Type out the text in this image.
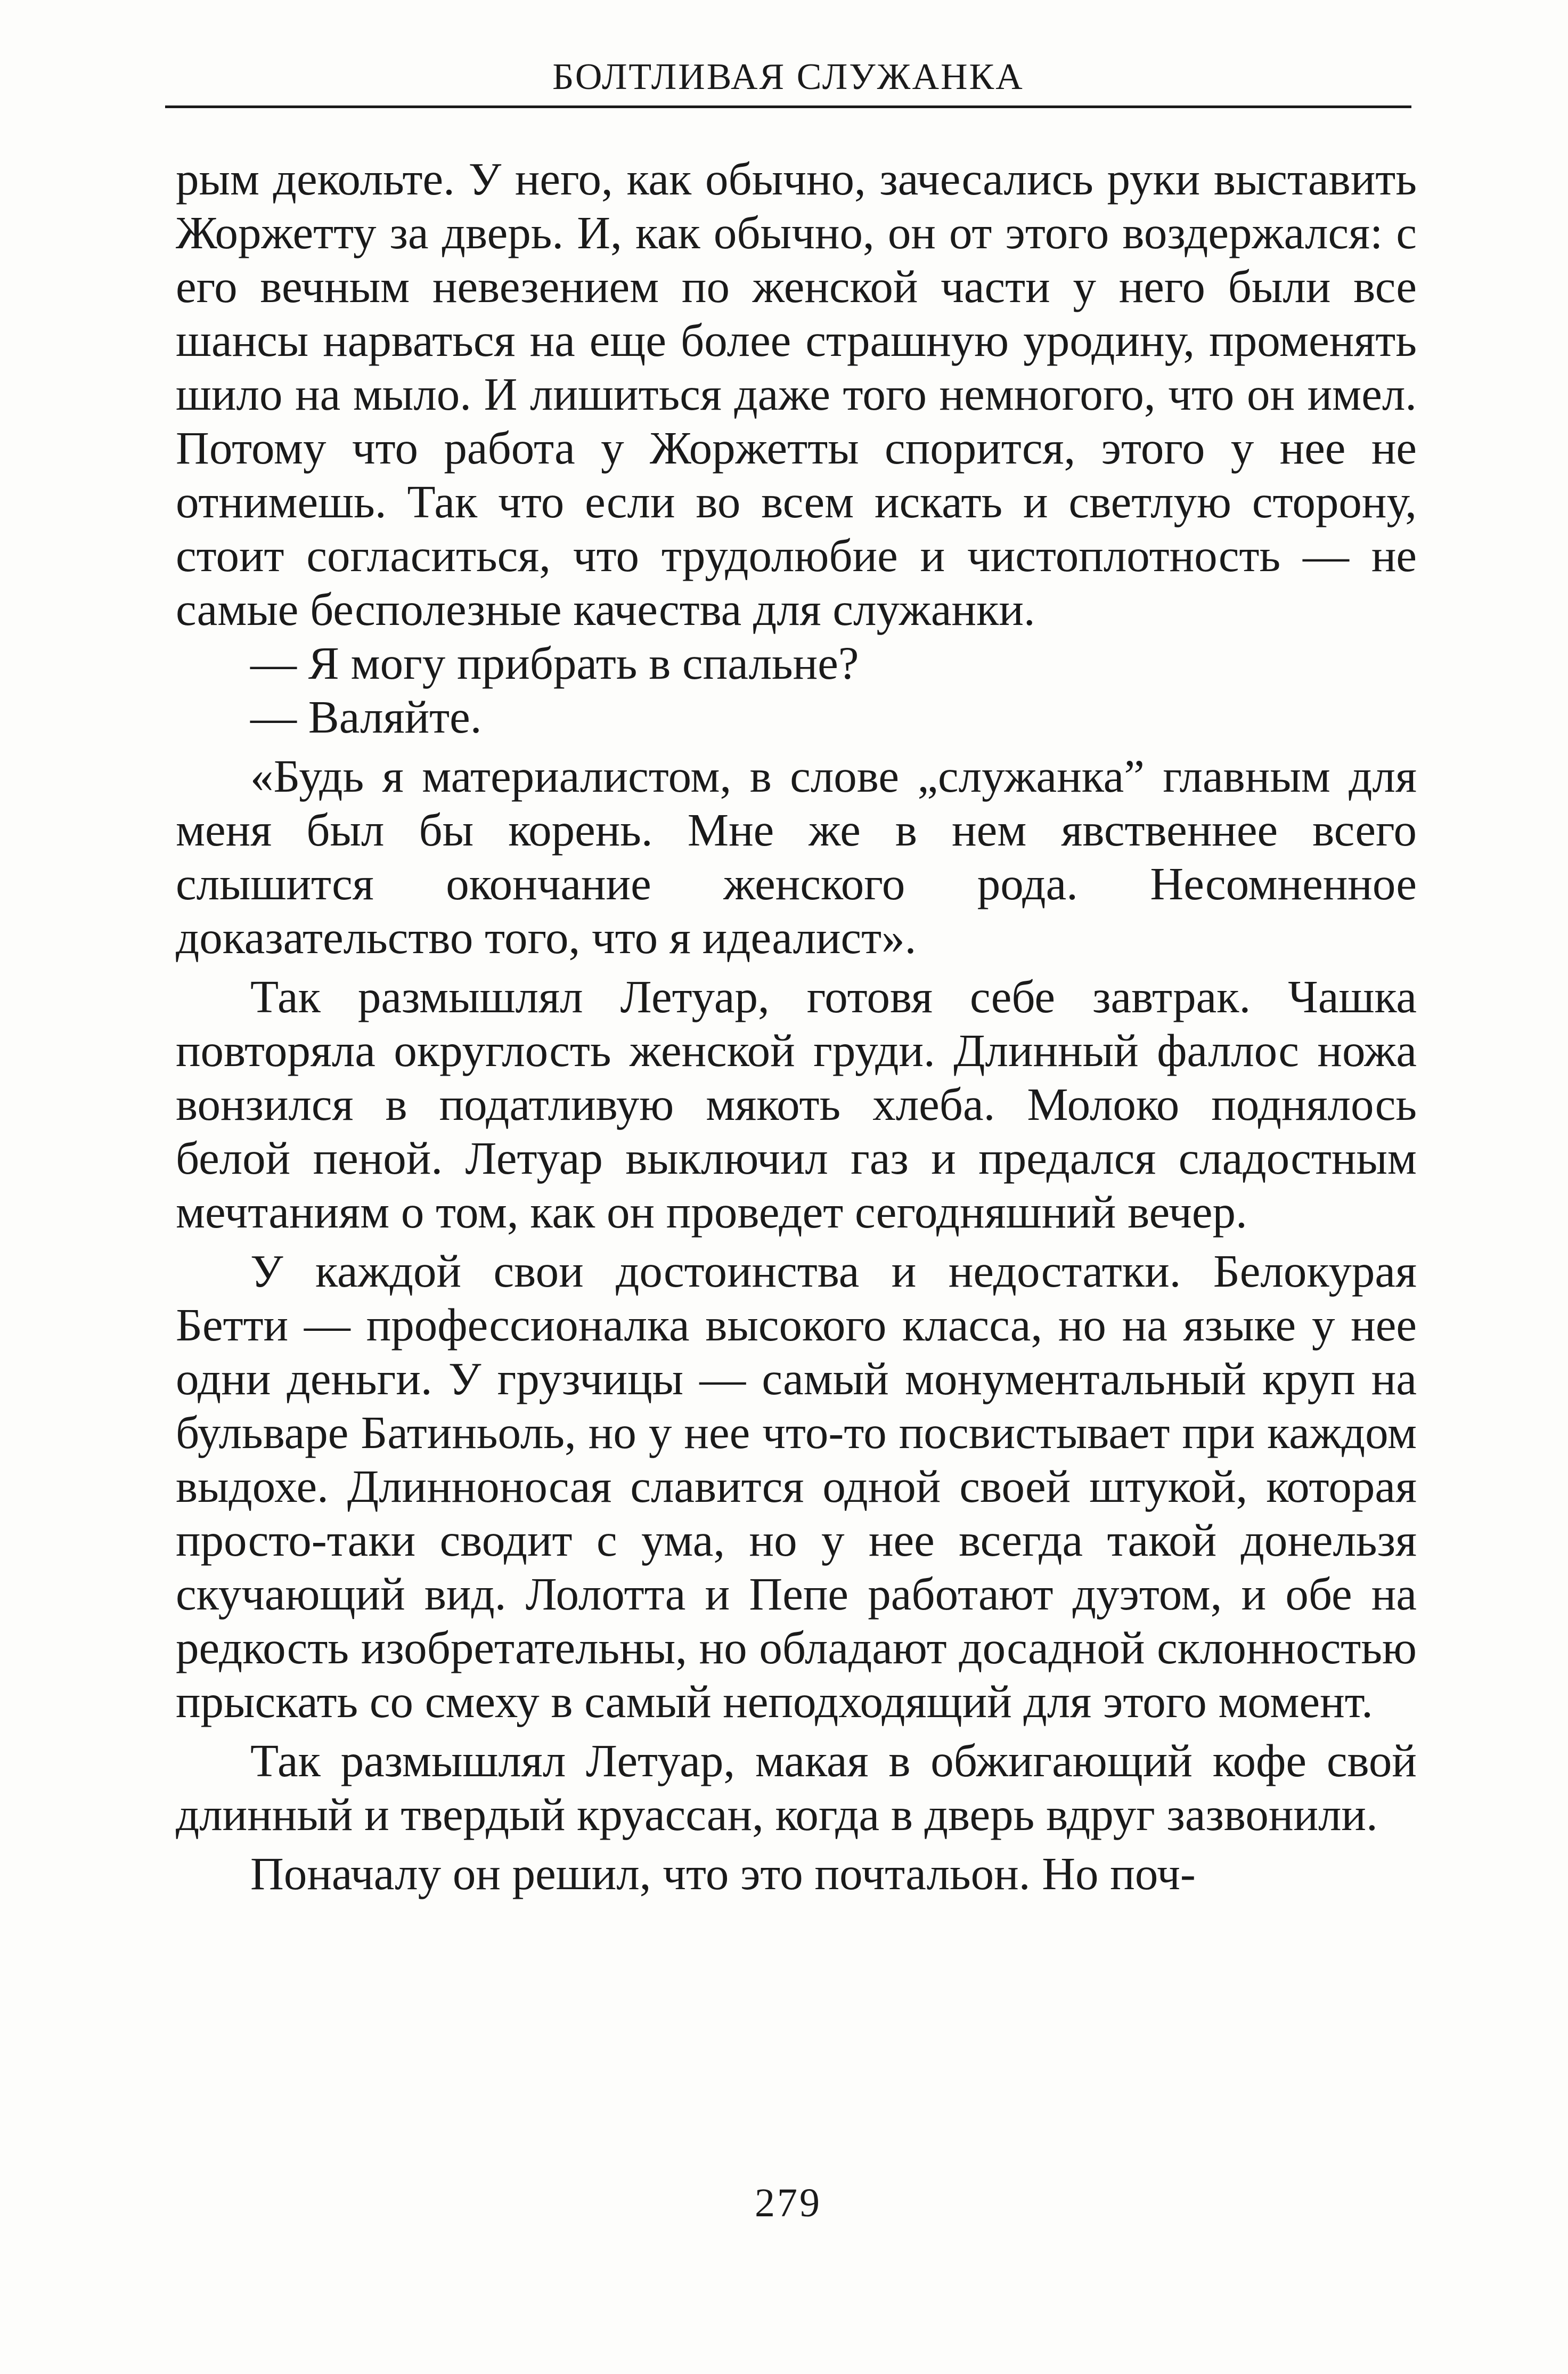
БОЛТЛИВАЯ СЛУЖАНКА

рым декольте. У него, как обычно, зачесались руки выставить Жоржетту за дверь. И, как обычно, он от этого воздержался: с его вечным невезением по женской части у него были все шансы нарваться на еще более страшную уродину, променять шило на мыло. И лишиться даже того немногого, что он имел. Потому что работа у Жоржетты спорится, этого у нее не отнимешь. Так что если во всем искать и светлую сторону, стоит согласиться, что трудолюбие и чистоплотность — не самые бесполезные качества для служанки.

— Я могу прибрать в спальне?

— Валяйте.

«Будь я материалистом, в слове „служанка” главным для меня был бы корень. Мне же в нем явственнее всего слышится окончание женского рода. Несомненное доказательство того, что я идеалист».

Так размышлял Летуар, готовя себе завтрак. Чашка повторяла округлость женской груди. Длинный фаллос ножа вонзился в податливую мякоть хлеба. Молоко поднялось белой пеной. Летуар выключил газ и предался сладостным мечтаниям о том, как он проведет сегодняшний вечер.

У каждой свои достоинства и недостатки. Белокурая Бетти — профессионалка высокого класса, но на языке у нее одни деньги. У грузчицы — самый монументальный круп на бульваре Батиньоль, но у нее что-то посвистывает при каждом выдохе. Длинноносая славится одной своей штукой, которая просто-таки сводит с ума, но у нее всегда такой донельзя скучающий вид. Лолотта и Пепе работают дуэтом, и обе на редкость изобретательны, но обладают досадной склонностью прыскать со смеху в самый неподходящий для этого момент.

Так размышлял Летуар, макая в обжигающий кофе свой длинный и твердый круассан, когда в дверь вдруг зазвонили.

Поначалу он решил, что это почтальон. Но поч-

279
